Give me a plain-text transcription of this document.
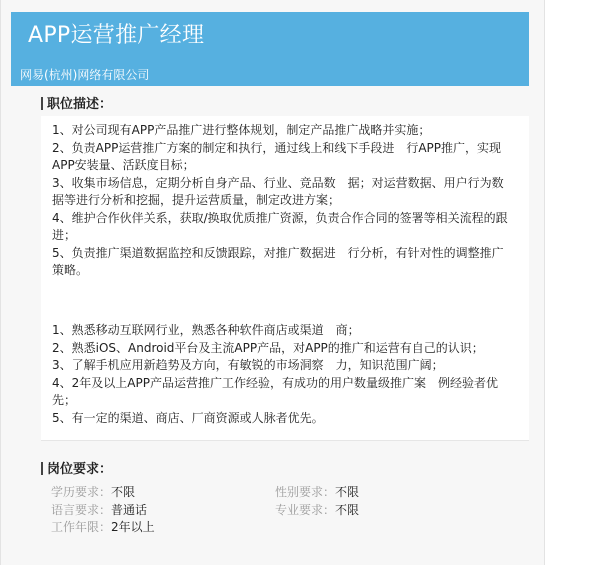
APP运营推广经理
网易(杭州)网络有限公司
职位描述：
1、对公司现有APP产品推广进行整体规划，制定产品推广战略并实施；
2、负责APP运营推广方案的制定和执行，通过线上和线下手段进　行APP推广，实现APP安装量、活跃度目标；
3、收集市场信息，定期分析自身产品、行业、竞品数　据；对运营数据、用户行为数据等进行分析和挖掘，提升运营质量，制定改进方案；
4、维护合作伙伴关系，获取/换取优质推广资源，负责合作合同的签署等相关流程的跟进；
5、负责推广渠道数据监控和反馈跟踪，对推广数据进　行分析，有针对性的调整推广策略。
1、熟悉移动互联网行业，熟悉各种软件商店或渠道　商；
2、熟悉iOS、Android平台及主流APP产品，对APP的推广和运营有自己的认识；
3、了解手机应用新趋势及方向，有敏锐的市场洞察　力，知识范围广阔；
4、2年及以上APP产品运营推广工作经验，有成功的用户数量级推广案　例经验者优先；
5、有一定的渠道、商店、厂商资源或人脉者优先。
岗位要求：
学历要求：不限	性别要求：不限
语言要求：普通话	专业要求：不限
工作年限：2年以上
